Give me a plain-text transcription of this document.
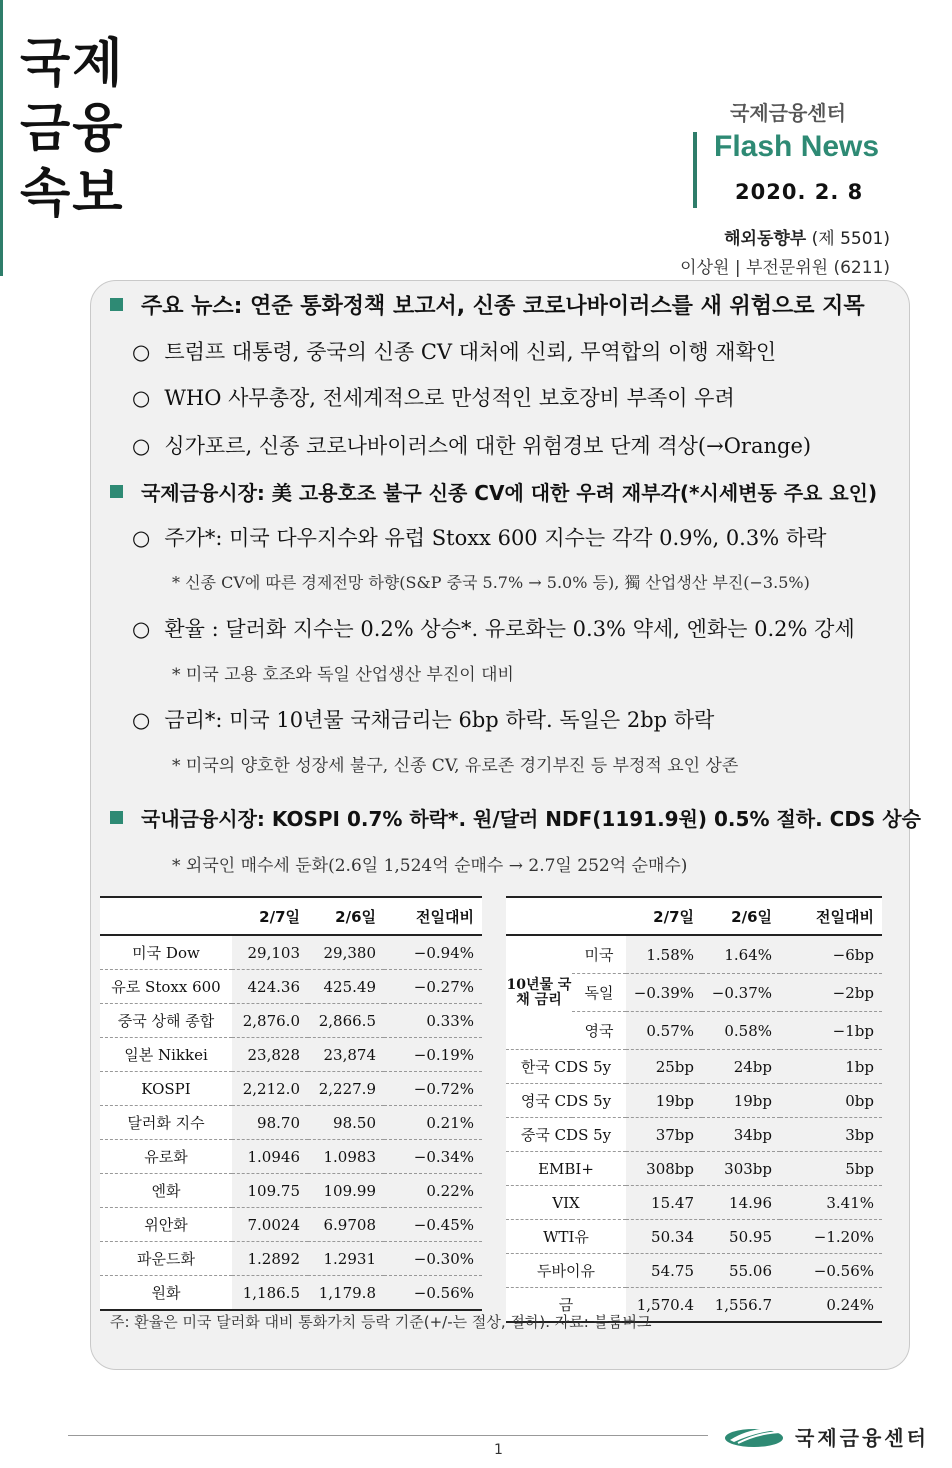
국제
금융
속보
국제금융센터
Flash News
2020. 2. 8
해외동향부 (제 5501)
이상원 | 부전문위원 (6211)
주요 뉴스: 연준 통화정책 보고서, 신종 코로나바이러스를 새 위험으로 지목
○ 트럼프 대통령, 중국의 신종 CV 대처에 신뢰, 무역합의 이행 재확인
○ WHO 사무총장, 전세계적으로 만성적인 보호장비 부족이 우려
○ 싱가포르, 신종 코로나바이러스에 대한 위험경보 단계 격상(→Orange)
국제금융시장: 美 고용호조 불구 신종 CV에 대한 우려 재부각(*시세변동 주요 요인)
○ 주가*: 미국 다우지수와 유럽 Stoxx 600 지수는 각각 0.9%, 0.3% 하락
* 신종 CV에 따른 경제전망 하향(S&P 중국 5.7% → 5.0% 등), 獨 산업생산 부진(−3.5%)
○ 환율 : 달러화 지수는 0.2% 상승*. 유로화는 0.3% 약세, 엔화는 0.2% 강세
* 미국 고용 호조와 독일 산업생산 부진이 대비
○ 금리*: 미국 10년물 국채금리는 6bp 하락. 독일은 2bp 하락
* 미국의 양호한 성장세 불구, 신종 CV, 유로존 경기부진 등 부정적 요인 상존
국내금융시장: KOSPI 0.7% 하락*. 원/달러 NDF(1191.9원) 0.5% 절하. CDS 상승
* 외국인 매수세 둔화(2.6일 1,524억 순매수 → 2.7일 252억 순매수)
	2/7일	2/6일	전일대비
미국 Dow	29,103	29,380	−0.94%
유로 Stoxx 600	424.36	425.49	−0.27%
중국 상해 종합	2,876.0	2,866.5	0.33%
일본 Nikkei	23,828	23,874	−0.19%
KOSPI	2,212.0	2,227.9	−0.72%
달러화 지수	98.70	98.50	0.21%
유로화	1.0946	1.0983	−0.34%
엔화	109.75	109.99	0.22%
위안화	7.0024	6.9708	−0.45%
파운드화	1.2892	1.2931	−0.30%
원화	1,186.5	1,179.8	−0.56%
		2/7일	2/6일	전일대비
10년물 국채 금리	미국	1.58%	1.64%	−6bp
	독일	−0.39%	−0.37%	−2bp
	영국	0.57%	0.58%	−1bp
한국 CDS 5y		25bp	24bp	1bp
영국 CDS 5y		19bp	19bp	0bp
중국 CDS 5y		37bp	34bp	3bp
EMBI+		308bp	303bp	5bp
VIX		15.47	14.96	3.41%
WTI유		50.34	50.95	−1.20%
두바이유		54.75	55.06	−0.56%
금		1,570.4	1,556.7	0.24%
주: 환율은 미국 달러화 대비 통화가치 등락 기준(+/-는 절상, 절하). 자료: 블룸버그
1	국제금융센터
